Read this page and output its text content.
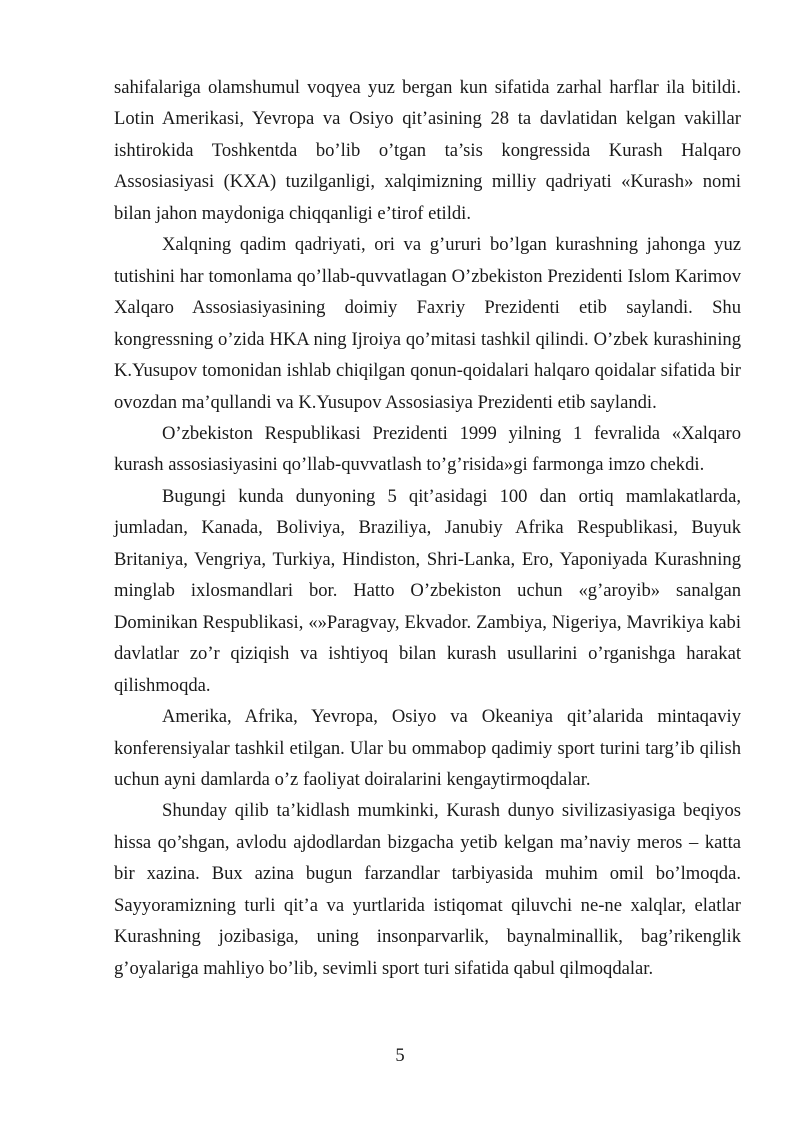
sahifalariga olamshumul voqyea yuz bergan kun sifatida zarhal harflar ila bitildi. Lotin Amerikasi, Yevropa va Osiyo qit’asining 28 ta davlatidan kelgan vakillar ishtirokida Toshkentda bo’lib o’tgan ta’sis kongressida Kurash Halqaro Assosiasiyasi (KXA) tuzilganligi, xalqimizning milliy qadriyati «Kurash» nomi bilan jahon maydoniga chiqqanligi e’tirof etildi.

Xalqning qadim qadriyati, ori va g’ururi bo’lgan kurashning jahonga yuz tutishini har tomonlama qo’llab-quvvatlagan O’zbekiston Prezidenti Islom Karimov Xalqaro Assosiasiyasining doimiy Faxriy Prezidenti etib saylandi. Shu kongressning o’zida HKA ning Ijroiya qo’mitasi tashkil qilindi. O’zbek kurashining K.Yusupov tomonidan ishlab chiqilgan qonun-qoidalari halqaro qoidalar sifatida bir ovozdan ma’qullandi va K.Yusupov Assosiasiya Prezidenti etib saylandi.

O’zbekiston Respublikasi Prezidenti 1999 yilning 1 fevralida «Xalqaro kurash assosiasiyasini qo’llab-quvvatlash to’g’risida»gi farmonga imzo chekdi.

Bugungi kunda dunyoning 5 qit’asidagi 100 dan ortiq mamlakatlarda, jumladan, Kanada, Boliviya, Braziliya, Janubiy Afrika Respublikasi, Buyuk Britaniya, Vengriya, Turkiya, Hindiston, Shri-Lanka, Ero, Yaponiyada Kurashning minglab ixlosmandlari bor. Hatto O’zbekiston uchun «g’aroyib» sanalgan Dominikan Respublikasi, «»Paragvay, Ekvador. Zambiya, Nigeriya, Mavrikiya kabi davlatlar zo’r qiziqish va ishtiyoq bilan kurash usullarini o’rganishga harakat qilishmoqda.

Amerika, Afrika, Yevropa, Osiyo va Okeaniya qit’alarida mintaqaviy konferensiyalar tashkil etilgan. Ular bu ommabop qadimiy sport turini targ’ib qilish uchun ayni damlarda o’z faoliyat doiralarini kengaytirmoqdalar.

Shunday qilib ta’kidlash mumkinki, Kurash dunyo sivilizasiyasiga beqiyos hissa qo’shgan, avlodu ajdodlardan bizgacha yetib kelgan ma’naviy meros – katta bir xazina. Bux azina bugun farzandlar tarbiyasida muhim omil bo’lmoqda. Sayyoramizning turli qit’a va yurtlarida istiqomat qiluvchi ne-ne xalqlar, elatlar Kurashning jozibasiga, uning insonparvarlik, baynalminallik, bag’rikenglik g’oyalariga mahliyo bo’lib, sevimli sport turi sifatida qabul qilmoqdalar.

5
